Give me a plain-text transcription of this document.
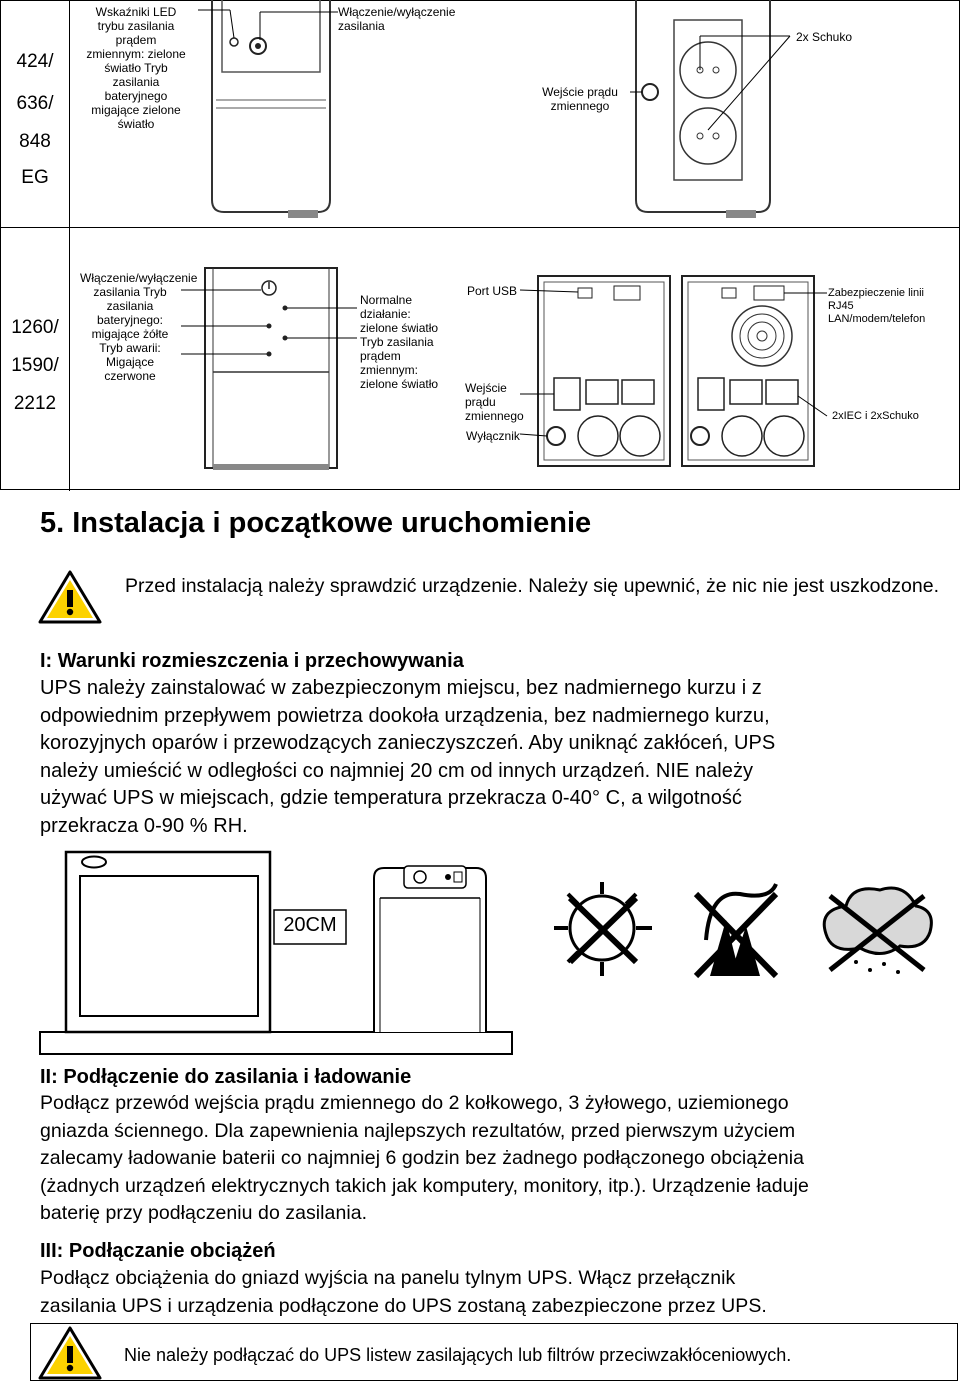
424/
636/
848
EG
1260/
1590/
2212
Wskaźniki LED trybu zasilania prądem zmiennym: zielone światło Tryb zasilania bateryjnego migające zielone światło
Włączenie/wyłączenie zasilania
Wejście prądu zmiennego
2x Schuko
Włączenie/wyłączenie zasilania Tryb zasilania bateryjnego: migające żółte Tryb awarii: Migające czerwone
Normalne działanie: zielone światło Tryb zasilania prądem zmiennym: zielone światło
Port USB
Wejście prądu zmiennego
Wyłącznik
Zabezpieczenie linii RJ45 LAN/modem/telefon
2xIEC i 2xSchuko
5. Instalacja i początkowe uruchomienie
Przed instalacją należy sprawdzić urządzenie. Należy się upewnić, że nic nie jest uszkodzone.
I: Warunki rozmieszczenia i przechowywania
UPS należy zainstalować w zabezpieczonym miejscu, bez nadmiernego kurzu i z
odpowiednim przepływem powietrza dookoła urządzenia, bez nadmiernego kurzu,
korozyjnych oparów i przewodzących zanieczyszczeń. Aby uniknąć zakłóceń, UPS
należy umieścić w odległości co najmniej 20 cm od innych urządzeń. NIE należy
używać UPS w miejscach, gdzie temperatura przekracza 0-40° C, a wilgotność
przekracza 0-90 % RH.
20CM
II: Podłączenie do zasilania i ładowanie
Podłącz przewód wejścia prądu zmiennego do 2 kołkowego, 3 żyłowego, uziemionego
gniazda ściennego. Dla zapewnienia najlepszych rezultatów, przed pierwszym użyciem
zalecamy ładowanie baterii co najmniej 6 godzin bez żadnego podłączonego obciążenia
(żadnych urządzeń elektrycznych takich jak komputery, monitory, itp.). Urządzenie ładuje
baterię przy podłączeniu do zasilania.
III: Podłączanie obciążeń
Podłącz obciążenia do gniazd wyjścia na panelu tylnym UPS. Włącz przełącznik
zasilania UPS i urządzenia podłączone do UPS zostaną zabezpieczone przez UPS.
Nie należy podłączać do UPS listew zasilających lub filtrów przeciwzakłóceniowych.
